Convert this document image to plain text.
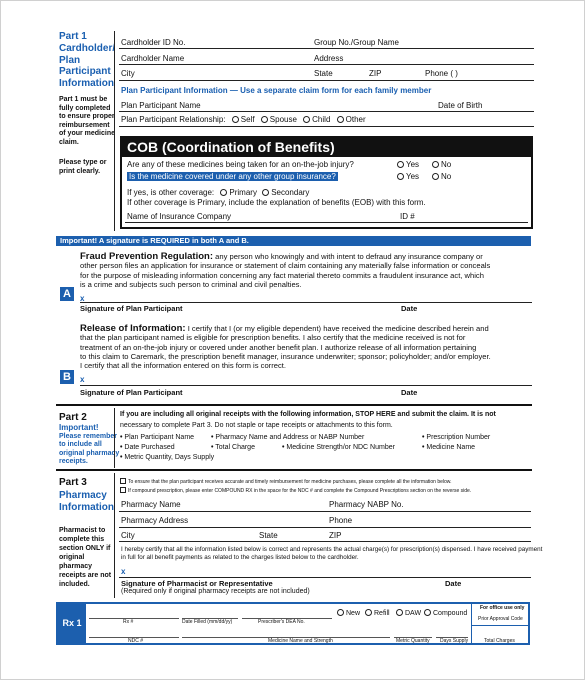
Part 1
Cardholder/
Plan
Participant
Information
Part 1 must be
fully completed
to ensure proper
reimbursement
of your medicine
claim.
Please type or
print clearly.
Cardholder ID No.	Group No./Group Name
Cardholder Name	Address
City	State	ZIP	Phone ( )
Plan Participant Information — Use a separate claim form for each family member
Plan Participant Name	Date of Birth
Plan Participant Relationship: Self Spouse Child Other
COB (Coordination of Benefits)
Are any of these medicines being taken for an on-the-job injury?	Yes	No
Is the medicine covered under any other group insurance?	Yes	No
If yes, is other coverage: Primary Secondary
If other coverage is Primary, include the explanation of benefits (EOB) with this form.
Name of Insurance Company	ID #
Important! A signature is REQUIRED in both A and B.
A
Fraud Prevention Regulation: any person who knowingly and with intent to defraud any insurance company or
other person files an application for insurance or statement of claim containing any materially false information or conceals
for the purpose of misleading information concerning any fact material thereto commits a fraudulent insurance act, which
is a crime and subjects such person to criminal and civil penalties.
x
Signature of Plan Participant	Date
B
Release of Information: I certify that I (or my eligible dependent) have received the medicine described herein and
that the plan participant named is eligible for prescription benefits. I also certify that the medicine received is not for
treatment of an on-the-job injury or covered under another benefit plan. I authorize release of all information pertaining
to this claim to Caremark, the prescription benefit manager, insurance underwriter; sponsor; policyholder; and/or employer.
I certify that all the information entered on this form is correct.
x
Signature of Plan Participant	Date
Part 2
Important!
Please remember
to include all
original pharmacy
receipts.
If you are including all original receipts with the following information, STOP HERE and submit the claim. It is not
necessary to complete Part 3. Do not staple or tape receipts or attachments to this form.
• Plan Participant Name • Pharmacy Name and Address or NABP Number	• Prescription Number
• Date Purchased	• Total Charge	• Medicine Strength/or NDC Number	• Medicine Name
• Metric Quantity, Days Supply
Part 3
Pharmacy
Information
Pharmacist to
complete this
section ONLY if
original
pharmacy
receipts are not
included.
To ensure that the plan participant receives accurate and timely reimbursement for medicine purchases, please complete all the information below.
If compound prescription, please enter COMPOUND RX in the space for the NDC # and complete the Compound Prescriptions section on the reverse side.
Pharmacy Name	Pharmacy NABP No.
Pharmacy Address	Phone
City	State	ZIP
I hereby certify that all the information listed below is correct and represents the actual charge(s) for prescription(s) dispensed. I have received payment
in full for all benefit payments as related to the charges listed below to the cardholder.
x
Signature of Pharmacist or Representative
(Required only if original pharmacy receipts are not included)
Date
Rx 1	Rx #	Date Filled (mm/dd/yy)	Prescriber's DEA No.
New	Refill	DAW	Compound
For office use only
Prior Approval Code
NDC #	Medicine Name and Strength	Metric Quantity Days Supply	Total Charges
